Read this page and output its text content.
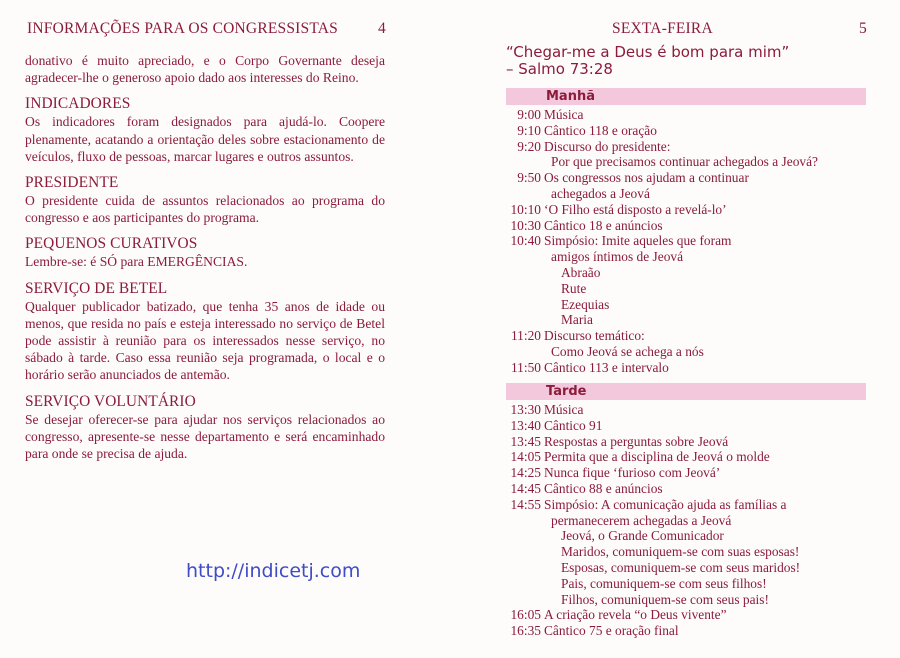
INFORMAÇÕES PARA OS CONGRESSISTAS	4

donativo é muito apreciado, e o Corpo Governante deseja agradecer-lhe o generoso apoio dado aos interesses do Reino.

INDICADORES

Os indicadores foram designados para ajudá-lo. Coopere plenamente, acatando a orientação deles sobre estacionamento de veículos, fluxo de pessoas, marcar lugares e outros assuntos.

PRESIDENTE

O presidente cuida de assuntos relacionados ao programa do congresso e aos participantes do programa.

PEQUENOS CURATIVOS

Lembre-se: é SÓ para EMERGÊNCIAS.

SERVIÇO DE BETEL

Qualquer publicador batizado, que tenha 35 anos de idade ou menos, que resida no país e esteja interessado no serviço de Betel pode assistir à reunião para os interessados nesse serviço, no sábado à tarde. Caso essa reunião seja programada, o local e o horário serão anunciados de antemão.

SERVIÇO VOLUNTÁRIO

Se desejar oferecer-se para ajudar nos serviços relacionados ao congresso, apresente-se nesse departamento e será encaminhado para onde se precisa de ajuda.

http://indicetj.com
SEXTA-FEIRA	5
“Chegar-me a Deus é bom para mim”
– Salmo 73:28
Manhã
9:00 Música
9:10 Cântico 118 e oração
9:20 Discurso do presidente:
Por que precisamos continuar achegados a Jeová?
9:50 Os congressos nos ajudam a continuar
achegados a Jeová
10:10 ‘O Filho está disposto a revelá-lo’
10:30 Cântico 18 e anúncios
10:40 Simpósio: Imite aqueles que foram
amigos íntimos de Jeová
Abraão
Rute
Ezequias
Maria
11:20 Discurso temático:
Como Jeová se achega a nós
11:50 Cântico 113 e intervalo
Tarde
13:30 Música
13:40 Cântico 91
13:45 Respostas a perguntas sobre Jeová
14:05 Permita que a disciplina de Jeová o molde
14:25 Nunca fique ‘furioso com Jeová’
14:45 Cântico 88 e anúncios
14:55 Simpósio: A comunicação ajuda as famílias a
permanecerem achegadas a Jeová
Jeová, o Grande Comunicador
Maridos, comuniquem-se com suas esposas!
Esposas, comuniquem-se com seus maridos!
Pais, comuniquem-se com seus filhos!
Filhos, comuniquem-se com seus pais!
16:05 A criação revela “o Deus vivente”
16:35 Cântico 75 e oração final
